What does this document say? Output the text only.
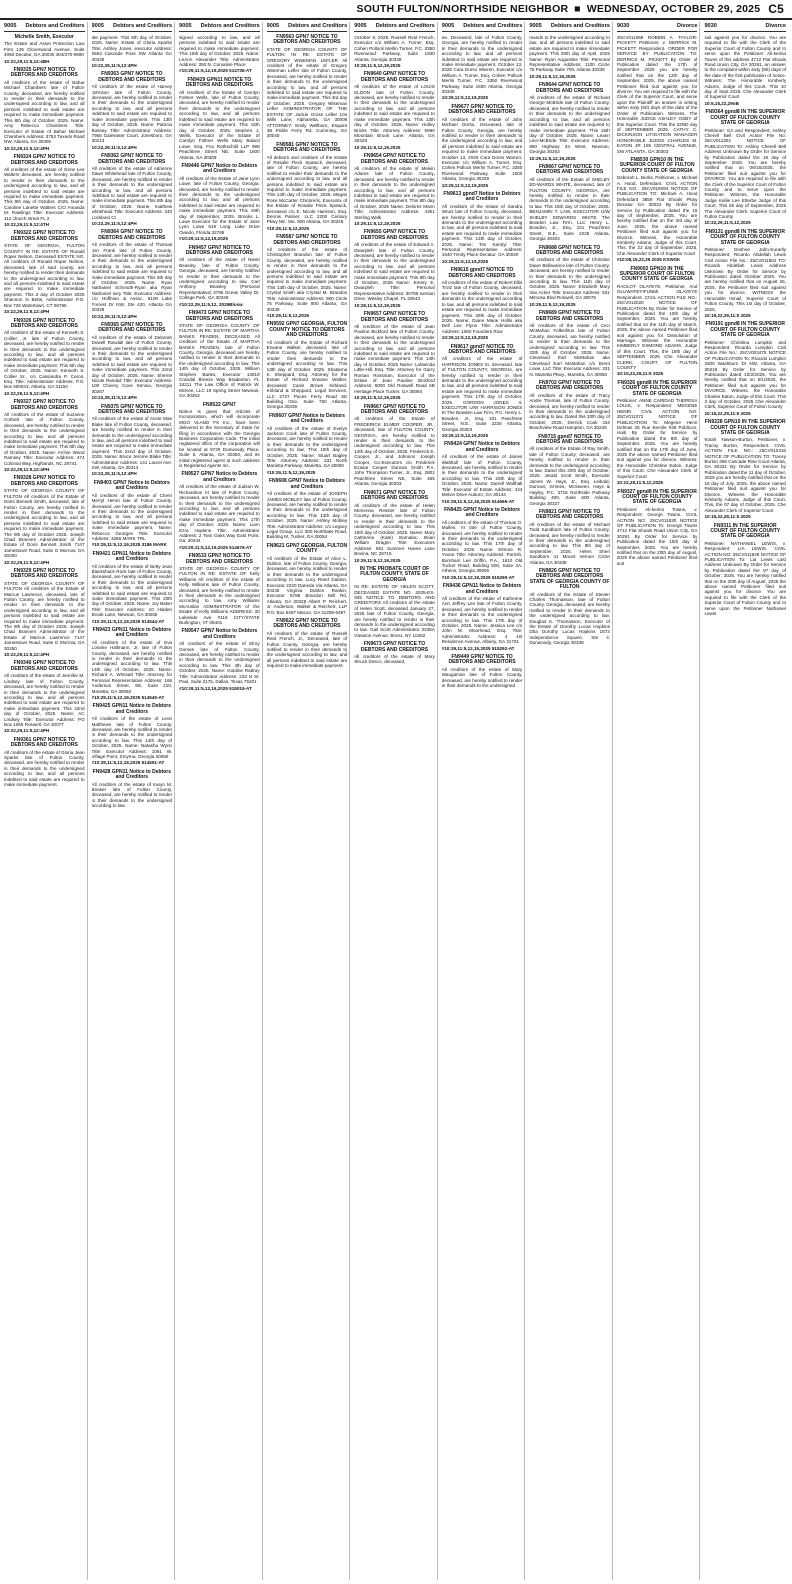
SOUTH FULTON/NORTHSIDE NEIGHBOR ■ WEDNESDAY, OCTOBER 29, 2025 C5
9005 Debtors and Creditors
Michelle Smith, Executor

The Estate and Asset Protection Law Firm 135 Cloverwood Avenue, Suite 4050 Decatur, GA 30030 404/370-0690

10:22,29,11:5,12:4BH
FN9325 GPN7 NOTICE TO DEBTORS AND CREDITORS

All creditors of the estate of Bahar Michael Chambers late of Fulton County, deceased, are hereby notified to render in their demands to the undersigned according to law, and all persons indebted to said estate are required to make immediate payment. This 8th day of October, 2025. Name: Amy Rebecca Chambers Title: Executor of Estate of Bahar Michael Chambers Address: 3753 Tuxedo Road NW, Atlanta, GA 30305

10:22,29,11:5,12:4PH
FN9324 GPN7 NOTICE TO DEBTORS AND CREDITORS

All creditors of the estate of Gene Lee Walters deceased, are hereby notified to render in their demands to the undersigned according to law, and all persons indebted to said estate are required to make immediate payment. This 8th day of October, 2025. Name: Caroline Lanette Walters C/O Amanda M. Rawlings Title: Executor Address: 112 church street FL 2

10:22,29,11:5,12:4TH
FN9322 GPN7 NOTICE TO DEBTORS AND CREDITORS

STATE OF GEORGIA, FULTON COUNTY IN RE: ESTATE OF Ronald Roper Nelson, Deceased ESTATE NO. All creditors of Ronald Roper Nelson, deceased, late of said county, are hereby notified to render their demands to the undersigned according to law, and all persons indebted to said estate are required to make immediate payment. This 2 day of October 2025 Shannon N Betts, Administrator P.O. Box 726 Watertown, CT 06795

10:22,29,11:5,12:4PH
FN9326 GPN7 NOTICE TO DEBTORS AND CREDITORS

All creditors of the estate of Kenneth S. Collier, Jr. late of Fulton County, deceased, are hereby notified to render in their demands to the undersigned according to law, and all persons indebted to said estate are required to make immediate payment. This 6th day of October, 2025. Name: Kenneth S. Collier Sr., c/o Cassandra P. Ceron, Esq. Title: Administrator Address: P.O. Box 500043, Atlanta, GA 31150

10:22,29,11:5,12:4PH
FN9327 GPN7 NOTICE TO DEBTORS AND CREDITORS

All creditors of the estate of Suzanne Corbett late of Fulton County, deceased, are hereby notified to render in their demands to the undersigned according to law, and all persons indebted to said estate are required to make immediate payment. This 8th day of October, 2025. Name: Archie Wood Ramsey Title: Executor Address: 474 Colonial Way, Highlands, NC 28741

10:22,29,11:5,12:4PH
FN9328 GPN7 NOTICE TO DEBTORS AND CREDITORS

STATE OF GEORGIA COUNTY OF FULTON All creditors of the Estate of Doris Bennett Smith, deceased, late of Fulton County, are hereby notified to render in their demands to the undersigned according to law, and all persons indebted to said estate are required to make immediate payment. The 9th day of October 2025. Joseph Chad Brannen Administrator of the Estate of Doris Bennett Smith 7147 Jamestown Road, Suite G Morrow, GA 30260

10:22,29,11:5,12:4PH
FN9329 GPN7 NOTICE TO DEBTORS AND CREDITORS

STATE OF GEORGIA COUNTY OF FULTON All creditors of the Estate of Marcus Lawrence, deceased, late of Fulton County, are hereby notified to render in their demands to the undersigned according to law, and all persons indebted to said estate are required to make immediate payment. The 9th day of October 2025. Joseph Chad Brannen Administrator of the Estate of Marcus Lawrence 7147 Jamestown Road, Suite G Morrow, GA 30260

10:22,29,11:5,12:4PH
FN9340 GPN7 NOTICE TO DEBTORS AND CREDITORS

All creditors of the estate of Jennifer M. Lindsey late of Fulton County, deceased, are hereby notified to render in their demands to the undersigned according to law, and all persons indebted to said estate are required to make immediate payment. This 22nd day of October, 2025. Name: AC Lindsey Title: Executor Address: PO Box 1065 Roswell, GA 30077

10:22,29,11:5,12:4PH
FN9361 GPN7 NOTICE TO DEBTORS AND CREDITORS

All creditors of the estate of Gloria Jean Sparks late of Fulton County, deceased, are hereby notified to render in their demands to the undersigned according to law, and all persons indebted to said estate are required to make immediate payment.

9005 Debtors and Creditors

ate payment. This 8th day of October, 2025. Name: Estate of Gloria Sparks Title: Ashley Jones, executor Address: 5653 Cascade Poss SW Atlanta GA 30336

10:22,29,11:5,12:4PH
FN9363 GPN7 NOTICE TO DEBTORS AND CREDITORS

All creditors of the estate of Harvey Johnson late of Fulton County, deceased, are hereby notified to render in their demands to the undersigned according to law, and all persons indebted to said estate are required to make immediate payment. This 13th day of October, 2025. Name: Patricia Bussey Title: Administrator Address: 7956 Gatewater Court, Jonesboro, GA 30213

10:22,29,11:5,12:4PH
FN9362 GPN7 NOTICE TO DEBTORS AND CREDITORS

All creditors of the estate of Adrienne Dawn Whitehead late of Fulton County, deceased, are hereby notified to render in their demands to the undersigned according to law, and all persons indebted to said estate are required to make immediate payment. This 8th day of October, 2025. Name: matthew whitehead Title: Executor Address: 240 Lockland Ct

10:22,29,11:5,12:4PH
FN9364 GPN7 NOTICE TO DEBTORS AND CREDITORS

All creditors of the estate of Thomas Jon Frank late of Fulton County, deceased, are hereby notified to render in their demands to the undersigned according to law, and all persons indebted to said estate are required to make immediate payment. This 6th day of October, 2025. Name: Ryan Nathaniel Schmuth-Ryan aka Ryan Nathaniel Ivey Title: Executor Address: c/o Hoffman & Assoc. 6100 Lake Forrest Dr NW, Ste 420, Atlanta GA 30328

10:22,29,11:5,12:4PH
FN9365 GPN7 NOTICE TO DEBTORS AND CREDITORS

All creditors of the estate of Deborah Dowell Randall late of Fulton County, deceased, are hereby notified to render in their demands to the undersigned according to law, and all persons indebted to said estate are required to make immediate payment. This 22nd day of October, 2025. Name: Sherrie Nicole Randall Title: Executor Address: 100 Chivery Cove Senoia, Georgia 30267

10:22,29,11:5,12:4PH
FN9375 GPN7 NOTICE TO DEBTORS AND CREDITORS

All creditors of the estate of Annie Mae Blake late of Fulton County, deceased, are hereby notified to render in their demands to the undersigned according to law, and all persons indebted to said estate are required to make immediate payment. This 22nd day of October, 2025. Name: Bruce Jerome Blake Title: Administrator Address: 141 Laurel Ave. SW, Atlanta, GA 30314

10:22,29,11:5,12:4PH
FN9403 GPN7 Notice to Debtors and Creditors

All creditors of the estate of Cherri Merryl Heron late of Fulton County, deceased, are hereby notified to render in their demands to the undersigned according to law, and all persons indebted to said estate are required to make immediate payment. Name: Rebecca Georges Title: Executor Address: 3266 MARK TRL

#10:29,11:5,12,19,2025 3186 MARK
FN9421 GPN11 Notice to Debtors and Creditors

All creditors of the estate of Betty Jean Blackshack Rock late of Fulton County, deceased, are hereby notified to render in their demands to the undersigned according to law, and all persons indebted to said estate are required to make immediate payment. This 20th day of October, 2025. Name: Joy Baker Title: Executor Address: 10 Hidden Brook Lane, Newnan, GA 30265

#10:29,11:5,12,19,2025 514544-AT
FN9423 GPN11 Notice to Debtors and Creditors

All creditors of the estate of Eva Loraine Hallmann, Jr. late of Fulton County, deceased, are hereby notified to render in their demands to the undersigned according to law. This 14th day of October, 2025. Name: Richard A. Wimsatt Title: Attorney for Personal Representative Address: 166 Anderson Street, SE, Suite 210, Marietta, GA 30060

#10:29,11:5,12,19,2025 514545-AT
FN9425 GPN11 Notice to Debtors and Creditors

All creditors of the estate of Leon Matthews late of Fulton County, deceased, are hereby notified to render in their demands to the undersigned according to law. This 14th day of October, 2025. Name: Natasha Wynn Title: Executor Address: 1061 W. Village Point, Smyrna, Georgia 30080

#10:29,11:5,12,19,2025 514551-AT
FN9428 GPN11 Notice to Debtors and Creditors

All creditors of the estate of Karyn M. Brewer late of Fulton County, deceased, are hereby notified to render in their demands to the undersigned according to law.

9005 Debtors and Creditors

signed according to law, and all persons indebted to said estate are required to make immediate payment. This 15th day of October, 2025. Name: LeAnn Alexander Title: Administrator Address: 350 N. Corvaline Place

#10:29,11:5,12,19,2025 514736-AT
FN9429 GPN11 NOTICE TO DEBTORS AND CREDITORS

All creditors of the Estate of Carolyn Foltner Wells, late of Fulton County, deceased, are hereby notified to render their demands to the undersigned according to law, and all persons indebted to said estate are required to make immediate payment. This 15th day of October, 2025. Stephen J. Wells, Executor of the Estate of Carolyn Foltner Wells Mary Baiard Lowe, Esq. Fox Rothschild LLP 999 Peachtree Street NE, Suite 1500 Atlanta, GA 30309

FN9446 GPN7 Notice to Debtors and Creditors

All creditors of the Estate of Jane Lynn Lowe, late of Fulton County, Georgia, deceased, are hereby notified to render their demands to the undersigned according to law, and all persons indebted to said estate are required to make immediate payment. This 19th day of September, 2025. Brooks L. Lowe Executor for the Estate of Jane Lynn Lowe 619 Long Lake Drive Oviedo, Florida 32765

#10:29,11:5,12,19,2025
FN9457 GPN7 NOTICE TO DEBTORS AND CREDITORS

All creditors of the estate of Niesti Beasley, late of Fulton County, Georgia, deceased, are hereby notified to render in their demands to the undersigned according to law. Carl Anthony Beasley (Personal Representative) 3795 Ocean Valley Dr. College Park, GA 30349

#10:22,29,11:5,12, 2025Blosw
FN9473 GPN7 NOTICE TO DEBTORS AND CREDITORS

STATE OF GEORGIA COUNTY OF FULTON IN RE: ESTATE OF MARTHA BANKS PEADEN, DECEASED All creditors of the Estate of MARTHA BANKS PEADEN, late of Fulton County, Georgia, deceased are hereby notified to render in their demands to the undersigned according to law. This 14th day of October, 2025. William Stephen Banks, Executor 13819 Crandal Breeze Way Bradenton, FL 34211 The Law Office of Patrick W. McKee, LLC 19 Spring Street Newnan, GA 30263

FN9522 GPN7

Notice is given that Articles of Incorporation, which will incorporate MGO VLAND FX Inc., have been delivered to the Secretary of State for filing in accordance with the Georgia Business Corporation Code. The initial registered office of the corporation will be located at 8720 Dunwoody Place, Suite 5, Atlanta, GA 30350, and its initial registered agent at such address is Registered Agents Inc.

FN9527 GPN7 Notice to Debtors and Creditors

All creditors of the estate of Judson W. Richardson III late of Fulton County, deceased, are hereby notified to render in their demands to the undersigned according to law, and all persons indebted to said estate are required to make immediate payment. This 17th day of October, 2025. Name: Liam Ezra Hopkins Title: Administrator Address: 2 Twin Oaks Way East Point, Ga. 30344

#10:29,11:5,12,19,2025 514676-AT
FN9533 GPN7 NOTICE TO DEBTORS AND CREDITORS

STATE OF GEORGIA COUNTY OF FULTON IN RE: ESTATE OF Kelly Williams All creditors of the estate of Kelly Williams late of Fulton County, deceased, are hereby notified to render in their demands to the undersigned according to law. Amy Williams McAuslan ADMINISTRATOR of the Estate of Kelly Williams ADDRESS: 30 Lakeside Ave #116 CITY/STATE Burlington, VT 05401

FN9547 GPN7 Notice to Debtors and Creditors

All creditors of the estate of Elroy Gomes late of Fulton County, deceased, are hereby notified to render in their demands to the undersigned according to law. This 4th day of October, 2025. Name: Goldine Rattray Title: Administrator Address: 233 N St. Paul, Suite 2175, Dallas, Texas 75201

#10:29,11:5,12,19,2025 515019-AT
9005 Debtors and Creditors
FN9563 GPN7 NOTICE TO DEBTORS AND CREDITORS

STATE OF GEORGIA COUNTY OF FULTON IN RE: ESTATE OF GREGORY WISEMAN LEFLER All creditors of the estate of Gregory Wiseman Lefler late of Fulton County, deceased, are hereby notified to render in their demands to the undersigned according to law, and all persons indebted to said estate are required to make immediate payment. This 3rd day of October, 2025. Gregory Wiseman Lefler ADMINISTRATOR OF THE ESTATE OF Jackie Gross Lefler 104 Wills Lane, Alpharetta, GA 30009 ATTORNEY: Emily Wellborn, Esquire 4B Pickle Ferry Rd. Cumming, GA 30040

FN9581 GPN7 NOTICE TO DEBTORS AND CREDITORS

All debtors and creditors of the Estate of Rosalie Fleck Spatuck, deceased, late of Fulton County, are hereby notified to render their demands to the undersigned according to law, and all persons indebted to said estate are required to make immediate payment. This 13th day of October, 2025. Megan Rose McCarter Chickreck, Executrix of the Estate of Rosalie Fleck Spatuck, deceased c/o E. Nicole Harrison, Esq. Dennis Palmer, LLC 2200 Century Pkwy NE, Ste. 800 Atlanta, GA 30345

#10:29,11:5,12,2025
FN9587 GPN7 NOTICE TO DEBTORS AND CREDITORS

All creditors of the estate of Christopher Brandon late of Fulton County, deceased, are hereby notified to render in their demands to the undersigned according to law, and all persons indebted to said estate are required to make immediate payment. This 13th day of October, 2025. Name: Crystal Smith aka Crystal M. Brandon Title: Administrator Address: 900 Circle 75 Parkway, Suite 800 Atlanta, GA 30339

#10:29,11:5,12,2025
FN9592 GPN7 GEORGIA, FULTON COUNTY NOTICE TO DEBTORS AND CREDITORS

All creditors of the Estate of Richard Erwane Walker, deceased, late of Fulton County, are hereby notified to render their demands to the undersigned according to law. This 13th day of October, 2025. Shatanna K. Sheppard, Esq. Attorney for the Estate of Richard Erwane Walker, deceased Canis Brown Kirkland, Kirkland & Sheppard, Legal Services, LLC 2727 Paces Ferry Road SE Building One, Suite 750 Atlanta, Georgia 30339

FN9607 GPN7 Notice to Debtors and Creditors

All creditors of the estate of Evelyn Jackson Cook late of Fulton County, deceased, are hereby notified to render in their demands to the undersigned according to law. This 15th day of October, 2025. Name: Stuart Bagley Title: Attorney Address: 331 North Marietta Parkway, Marietta, GA 30060

#10:29,11:5,12,19,2025
FN9608 GPN7 Notice to Debtors and Creditors

All creditors of the estate of JOSEPH JAMES MOBLEY late of Fulton County, deceased, are hereby notified to render in their demands to the undersigned according to law. This 13th day of October, 2025. Name: Ashley Mobley Title: Administrator Address: c/o Legacy Legal Group, LLC 300 Northlake Road, Building M, Tucker, GA 30084

FN9621 GPN7 GEORGIA, FULTON COUNTY

All creditors of the Estate of Alice L. Dublon, late of Fulton County, Georgia, deceased, are hereby notified to render in their demands to the undersigned according to law. Lucy Reed Dublon, Executor 2220 Daneda Via Atlanta, GA 30345 Virginia Dublon Rankin, Executor 6788 Brandon Mill Rd, Atlanta, GA 30328 Albert P. Reichert, Jr. Anderson, Walker & Reichert, LLP P.O. Box 6497 Macon, GA 31208-6497

FN9622 GPN7 NOTICE TO DEBTORS AND CREDITORS

All creditors of the estate of Russell Reid French, Jr., Deceased, late of Fulton County, Georgia, are hereby notified to render in their demands to the undersigned according to law, and all persons indebted to said estate are required to make immediate payment.

9005 Debtors and Creditors

October 8, 2025. Russell Reid French, Executor c/o William A. Turner, Esq. Cohen Pollock Merlin Turner, P.C. 3350 Riverwood Parkway, Suite 1600 Atlanta, Georgia 30339

10:29,11:5,12,19,2025
FN9640 GPN7 NOTICE TO DEBTORS AND CREDITORS

All creditors of the estate of LOUIS ELDON late of Fulton County, deceased, are hereby notified to render in their demands to the undersigned according to law, and all persons indebted to said estate are required to make immediate payment. This 13th day of October, 2025. Name: Holley Bricks Title: Attorney Address: 6990 Mountain Brook Lane, Atlanta, GA 30328

10:29,11:5,12,19,2025
FN9654 GPN7 NOTICE TO DEBTORS AND CREDITORS

All creditors of the estate of Melvin Adams late of Fulton County, deceased, are hereby notified to render in their demands to the undersigned according to law, and all persons indebted to said estate are required to make immediate payment. This 8th day of October, 2025 Name: Delores Mann Title: Administrator Address: 4361 Sterling Walk

10:29,11:5,12,19,2025
FN9655 GPN7 NOTICE TO DEBTORS AND CREDITORS

All creditors of the estate of Edward A. Dwarpleh late of Fulton County, deceased, are hereby notified to render in their demands to the undersigned according to law, and all persons indebted to said estate are required to make immediate payment. This 8th day of October, 2025 Name: Emery E. Dwarpleh Title: Personal Representative Address: 30785 Iverson Drive, Wesley Chapel, FL 33543

10:29,11:5,12,19,2025
FN9657 GPN7 NOTICE TO DEBTORS AND CREDITORS

All creditors of the estate of Jean Pauline Bickford late of Fulton County, deceased, are hereby notified to render in their demands to the undersigned according to law, and all persons indebted to said estate are required to make immediate payment. This 14th day of October, 2025 Name: Lafawnda Little-Hill, Esq. Title: Attorney for Garry Roman Rossman, Executor of the Estate of Jean Pauline Bickford Address: 5000 Old Roswell Road 6B Heritage Place Tucker, GA 30084

10:29,11:5,12,19,2025
FN9667 GPN7 NOTICE TO DEBTORS AND CREDITORS

All creditors of the Estate of FREDERICK ELMER COOPER, JR., deceased, late of FULTON COUNTY, GEORGIA, are hereby notified to render in their demands to the undersigned according to law. This 13th day of October, 2025. Frederick E. Cooper, Jr., and Johnson Joseph Cooper, Co-Executors c/o Frederick Ezasar Cooper Duncan Smith P.A. John Thompson Turner, Jr., Esq. 2801 Peachtree Street NE, Suite 465 Atlanta, Georgia 30303

FN9671 GPN7 NOTICE TO DEBTORS AND CREDITORS

All creditors of the estate of Helen McKenna Ressler late of Fulton County, deceased, are hereby notified to render in their demands to the undersigned according to law. This 15th day of October, 2025. Name: Mary Catherine (Kate) Barnaba; Brian William Dragen Title: Executors Address: 681 Summer Haven Lane Bovina, NC 28715

10:29,11:5,12,19,2025
IN THE PROBATE COURT OF FULTON COUNTY, STATE OF GEORGIA

IN RE: ESTATE OF HELEN SCOTT, DECEASED ESTATE NO. 2025-ES-935 NOTICE TO DEBTORS AND CREDITORS All creditors of the estate of Helen Scott, deceased January 27, 2025 late of Fulton County, Georgia, are hereby notified to render in their demands to the undersigned according to law. Gail Scott Administrator 3338A Gleason Avenue, Bronx, NY 10462

FN9673 GPN7 NOTICE TO DEBTORS AND CREDITORS

All creditors of the estate of Mary Struck Desco, deceased,

9005 Debtors and Creditors

ee. Deceased, late of Fulton County, Georgia, are hereby notified to render in their demands to the undersigned according to law, and all persons indebted to said estate are required to make immediate payment. October 13, 2025 Cara Dorso Warren, Executor c/o William A. Turner, Esq. Cohen Pollock Merlin Turner, P.C. 3350 Riverwood Parkway, Suite 1600 Atlanta, Georgia 30339

10:29,11:5,12,19,2025
FN9677 GPN7 NOTICE TO DEBTORS AND CREDITORS

All creditors of the estate of John Michael Dorso, Deceased, late of Fulton County, Georgia, are hereby notified to render in their demands to the undersigned according to law, and all persons indebted to said estate are required to make immediate payment. October 13, 2025 Cara Dorso Warren, Executor c/o William A. Turner, Esq. Cohen Pollock Merlin Turner, P.C. 3350 Riverwood Parkway, Suite 1600 Atlanta, Georgia 30339

10:29,11:5,12,19,2025
FN9613 gpnd7 Notice to Debtors and Creditors

All creditors of the estate of Sandra Wrutz late of Fulton County, deceased, are hereby notified to render in their demands to the undersigned according to law, and all persons indebted to said estate are required to make immediate payment. This 13th day of October, 2025. Name: Tim Karolyi Title: Personal Representative Address: 1640 Trinity Place Decatur, GA 30030

10:29,11:5,12,19,2025
FN9615 gpnd7 NOTICE TO DEBTORS AND CREDITORS

All creditors of the estate of Robert Ellis Trotz late of Fulton County, deceased, are hereby notified to render in their demands to the undersigned according to law, and all persons indebted to said estate are required to make immediate payment. This 29th day of October, 2025. Name: Diane Marie Hollis aka Dell Lee Flynn Title: Administrator Address: 1060 Founders Row

10:29,11:5,12,19,2025
FN9617 gpnd7 NOTICE TO DEBTORS AND CREDITORS

All creditors of the estate of HARRISON JONES III, deceased, late of FULTON COUNTY, GEORGIA, are hereby notified to render in their demands to the undersigned according to law, and all persons indebted to said estate are required to make immediate payment. This 17th day of October, 2025. GORDON JONES II, EXECUTOR U/W HARRISON JONES III The Bowden Law Firm, P.C. Henry L. Bowden, Jr., Esq. 101 Peachtree Street, N.E., Suite 2225 Atlanta, Georgia 30303

10:29,11:5,12,19,2025
FN9424 GPN7 Notice to Debtors and Creditors

All creditors of the estate of James Walthall late of Fulton County, deceased, are hereby notified to render in their demands to the undersigned according to law. This 20th day of October, 2025. Name: Darrell Walthall Title: Executor of Estate Address: 444 Melvin Drive Auburn, GA 30144

#10:29,11:5,12,19,2025 514666-AT
FN9425 GPN7 Notice to Debtors and Creditors

All creditors of the estate of Thomas O. Mullen, III late of Fulton County, deceased, are hereby notified to render in their demands to the undersigned according to law. This 17th day of October, 2025. Name: Elmore R. Yvone Title: Attorney Address: Parrish, Burnham Lee Griffin, P.A., 1610 Old Tucker Road, Building 500, Suite 3A, Athens, Georgia 30606

#10:29,11:5,12,19,2025 515290-AT
FN9436 GPN11 Notice to Debtors and Creditors

All creditors of the estate of Katherine Ann Jeffrey Lee late of Fulton County, deceased, are hereby notified to render in their demands to the undersigned according to law. This 17th day of October, 2025. Name: Jessica Lee c/o John M. Moorhead, Esq. Title: Administratrix Address: 4 1st Residence Avenue, Albany, GA 31701

#10:29,11:5,12,19,2025 515292-AT
FN9449 GPN7 NOTICE TO DEBTORS AND CREDITORS

All creditors of the estate of Mary Waugaman late of Fulton County, deceased, are hereby notified to render in their demands to the undersigned

9005 Debtors and Creditors

mands to the undersigned according to law, and all persons indebted to said estate are required to make immediate payment. This 20th day of April, 2025 Name: Ryan Augustine Title: Personal Representative Address: 1100 Circle 75 Parkway Suite 700, Atlanta 30339

10:29,11:5,12,19,2025
FN9644 GPN7 NOTICE TO DEBTORS AND CREDITORS

All creditors of the estate of Richard George McBride late of Fulton County, deceased, are hereby notified to render in their demands to the undersigned according to law, and all persons indebted to said estate are required to make immediate payment. This 15th day of October, 2025. Name: Leann Linn-McBride Title: Executor Address: 890 Highway 34 West, Newnan, Georgia 30263

10:29,11:5,12,19,2025
FN9667 GPN7 NOTICE TO DEBTORS AND CREDITORS

All creditors of the Estate of SHELBY ED-WARDS WHITE, deceased, late of FULTON COUNTY, GEORGIA, are hereby notified to render in their demands to the undersigned according to law. This 15th day of October, 2025. BENJAMIN T. LAW, EXECUTOR U/W SHELBY EDWARDS WHITE The Bowden Law Firm, LLC Henry L. Bowden, Jr., Esq. 101 Peachtree Street, N.E., Suite 2225 Atlanta, Georgia 30303

FN9688 GPN7 NOTICE TO DEBTORS AND CREDITORS

All creditors of the estate of Christine Dawn Bellavance late of Fulton County, deceased, are hereby notified to render in their demands to the undersigned according to law. This 11th day of October, 2025. Name: Elizabeth Mary Van Acker Title: Executor Address: 631 Mimosa Blvd Roswell, GA 30075

10:29,11:5,12,19,2025
FN9689 GPN7 NOTICE TO DEBTORS AND CREDITORS

All creditors of the estate of Ceci McMahan Folkerlitus late of Fulton County, deceased, are hereby notified to render in their demands to the undersigned according to law. This 20th day of October, 2025. Name: Cleveland Earl McMahan aka Cleveland Earl McMahan c/o Brent Lowe, LLC Title: Executor Address: 331 N. Marietta Pkwy., Marietta, GA 30060

FN9702 GPN7 NOTICE TO DEBTORS AND CREDITORS

All creditors of the estate of Tracy Andre Thomas, late of Fulton County, deceased, are hereby notified to render in their demands to the undersigned according to law. Dated this 20th day of October, 2025. Derrick Cook 434 Beachview Road Hampton, GA 30228

FN9715 gpnd7 NOTICE TO DEBTORS AND CREDITORS

All creditors of the Estate of Ray Smith, late of Fulton County, deceased, are hereby notified to render in their demands to the undersigned according to law. Dated this 20th day of October, 2025. Jerald Scott Smith, Executor James W. Hays, Jr., Esq. Leibold, Duncan, Grimes, McSween, Hays & Hayley, P.C. 3715 Northside Parkway Building 400, Suite 600 Atlanta, Georgia 30327

FN9821 GPN7 NOTICE TO DEBTORS AND CREDITORS

All creditors of the estate of Michael Todd Sandborn late of Fulton County, deceased, are hereby notified to render in their demands to the undersigned according to law. This 8th day of September, 2025. Helen Sheri Sandborn 41 Mount Vernon Circle Atlanta, GA 30338

FN9826 GPN7 NOTICE TO DEBTORS AND CREDITORS STATE OF GEORGIA COUNTY OF FULTON

All creditors of the Estate of Steven Charles Thomasson, late of Fulton County, Georgia, deceased, are hereby notified to render in their demands to the undersigned according to law. Douglas K. Thomasson, Executor of the Estate of Dorothy Lucas Hopkins Dba Dorothy Lucas Hopkins 1673 Independence Square, Ste C Dunwoody, Georgia 30338

9030	Divorce

25CV011068 ROBBIN A. TAYLOR-PICKETT Petitioner, v. DERRICK M. PICKETT Respondent. ORDER FOR SERVICE BY PUBLICATION TO: DERRICK M. PICKETT By Order of Publication dated the 17th of September 2025 you are hereby notified that on the 12th day of September, 2025, the above named Petitioner filed suit against you for divorce. You are required to file with the Clerk of the Superior Court, and serve upon the Plaintiff an answer in writing within sixty (60) days of the date of the Order of Publication. Witness, The Honorable JUDGE ASHLEY OSBY of this Superior Court. This the 22ND day of SEPTEMBER 2025. CATHY C. DICKINSON LITIGATION MANAGER HONORABLE JUDGE CHARLES M. EATON JR 185 CENTRAL AVENUE, SW ATLANTA, GA 30303

FN8530 GPN10 IN THE SUPERIOR COURT OF FULTON COUNTY STATE OF GEORGIA

Deborah L. Burks, Petitioner, v. Michael A. Hood, Defendant. CIVIL ACTION FILE NO.: 25CV018094 NOTICE OF PUBLICATION TO: Michael A. Hood Defendant 3859 Flat Shoals Pkwy Decatur GA 30034 By Order for Service by Publication dated the 18 day of September, 2025. You are hereby notified that on the 3rd day of June, 2025, the above named Petitioner filed suit against you for Divorce. Witness, the Honorable Kimberly Adams, Judge of this Court. This, the 22 day of September, 2025. Che Alexander Clerk of Superior Court

#10:08,15,22,29 2025 KSWSK
FN9002 GPN10 IN THE SUPERIOR COURT OF FULTON COUNTY STATE OF GEORGIA

RAOLOT OLAYEYE, Petitioner, And OLUWAFEYIFUNMI OLAYEYE Respondent. CIVIL ACTION FILE NO.: 25CV012020 NOTICE OF PUBLICATION By Order for Service of Publication dated the 10th day of September, 2025. You are hereby notified that on the 11th day of March, 2025, the above named Petitioner filed suit against you for Dissolution of Marriage. Witness the Honorable KIMBERLY ESMOND ADAMS, Judge of this Court. This, the 19th day of SEPTEMBER 2025 Che Alexander CLERK, COURT OF FULTON COUNTY

10:15,22,29,11:5 2025
FN9326 gpnd8 IN THE SUPERIOR COURT OF FULTON COUNTY STATE OF GEORGIA

Petitioner: ANNE CARIDAD THERESA LOUIS, v. Respondent: MEGENE HENRI CIVIL ACTION NO: 25CV011072 NOTICE OF PUBLICATION To: Megene Henri Delmas 25 Rue Eemile #38 Publicon, Haiti By Order for Service by Publication dated the 8th day of September, 2025. You are hereby notified that on the 17th day of June, 2025 the above named Petitioner filed suit against you for divorce. Witness: the Honorable Christine Eaton, Judge of this Court. Che Alexander Clerk of Superior Court

10:22,29,11:5,12,2025
FN9327 gpnd8 IN THE SUPERIOR COURT OF FULTON COUNTY STATE OF GEORGIA

Petitioner: Ali-keimo Towns, v. Respondent: George Towns. CIVIL ACTION NO: 25CV011830 NOTICE OF PUBLICATION To: George Towns 4712 Flat Shoals Road Union City, GA 30291 By Order for Service by Publication dated the 15th day of September, 2025. You are hereby notified that on the 20th day of August, 2025 the above named Petitioner filed suit

9030	Divorce

suit against you for divorce. You are required to file with the Clerk of the Superior Court of Fulton County and to serve upon the Petitioner Ali-keima Towns of this address 4712 Flat Shoals Road Union City, GA 30291, an answer to the complaint within sixty (60) days of the date of the first publication of notice. Witness: The Honorable Kimberly Adams, Judge of this Court. This 10 day of Sept 2025. Che Alexander Clerk of Superior Court

10:6,15,22,29nB
FN9364 gpnd8 IN THE SUPERIOR COURT OF FULTON COUNTY STATE OF GEORGIA

Petitioner: GA and Respondent: Ashley Cherell Bell Civil Action File No: 25CV011302 NOTICE OF PUBLICATION To: Ashley Cherell Bell Address Unknown By Order for Service by Publication dated the 18 day of September 2025. You are hereby notified that on 09/15/2025, the Petitioner filed suit against you for DIVORCE. You are required to file with the Clerk of the Superior Court of Fulton County and to serve upon the Petitioner. Witness, the Honorable Judge Kellie Lee Etterbe Judge of this Court. This 25 day of September, 2025 The Alexander Clerk, Superior Court of Fulton County

10:22,29,11:5,12,2025
FN9131 gpnd8 IN THE SUPERIOR COURT OF FULTON COUNTY STATE OF GEORGIA

Petitioner: Doshne Jahn-Kurarlly Respondent: Ricardo Abdellah Lewis Civil Action File No.: 25CV011802 TO: Ricardo Abdellah Lewis Address Unknown By Order for Service by Publication dated October 2025. You are hereby notified that on August 26, 2025, the Petitioner filed suit against you for divorce. WITNESS the Honorable Ismail, Superior Court of Fulton County. This 1st day of October, 2025.

10:15,22,29,11:5 2025
FN9191 gpnd8 IN THE SUPERIOR COURT OF FULTON COUNTY STATE OF GEORGIA

Petitioner: Christina Lumpkin and Respondent: Ricardo Lumpkin Civil Action File No.: 25CV003475 NOTICE OF PUBLICATION To: Ricardo Lumpkin 3300 Washburn Dr NW, Atlanta, GA 30318 By Order for Service by Publication dated 10/2/2025. You are hereby notified that on 5/1/2025, the Petitioner filed suit against you for DIVORCE. Witness, the Honorable Charles Eaton, Judge of this Court. This 3 day of October, 2025 Che Alexander Clerk, Superior Court of Fulton County

10:15,22,29,11:5 2025
FN9228 GPN10 IN THE SUPERIOR COURT OF FULTON COUNTY STATE OF GEORGIA

Kotah Yawson-Burton, Petitioner, v. Tracey Burton, Respondent. CIVIL ACTION FILE NO.: 25CV010316 NOTICE OF PUBLICATION TO: Tracey Burton 365 Cascade Rise Court Atlanta, GA 30331 By Order for Service by Publication dated the 11 day of October, 2025 you are hereby notified that on the 18 day of July, 2025, the above named Petitioner filed suit against you for Divorce. Witness the Honorable Kimberly Adams, Judge of this Court. This, the 07 day of October, 2025. Che Alexander Clerk of Superior Court

10:15,22,29,11:5 2025
FN9311 IN THE SUPERIOR COURT OF FULTON COUNTY STATE OF GEORGIA

Petitioner: NATHANIEL LEWIS, v. Respondent: LIA LEWIS. CIVIL ACTION NO: 25CV011929 NOTICE OF PUBLICATION To: Lia Lewis Last Address Unknown By Order for Service by Publication dated the 07 day of October, 2025. You are hereby notified that on the 20th day of August, 2025 the above named Petitioner filed suit against you for divorce. You are required to file with the Clerk of the Superior Court of Fulton County and to serve upon the Petitioner Nathaniel Lewis
